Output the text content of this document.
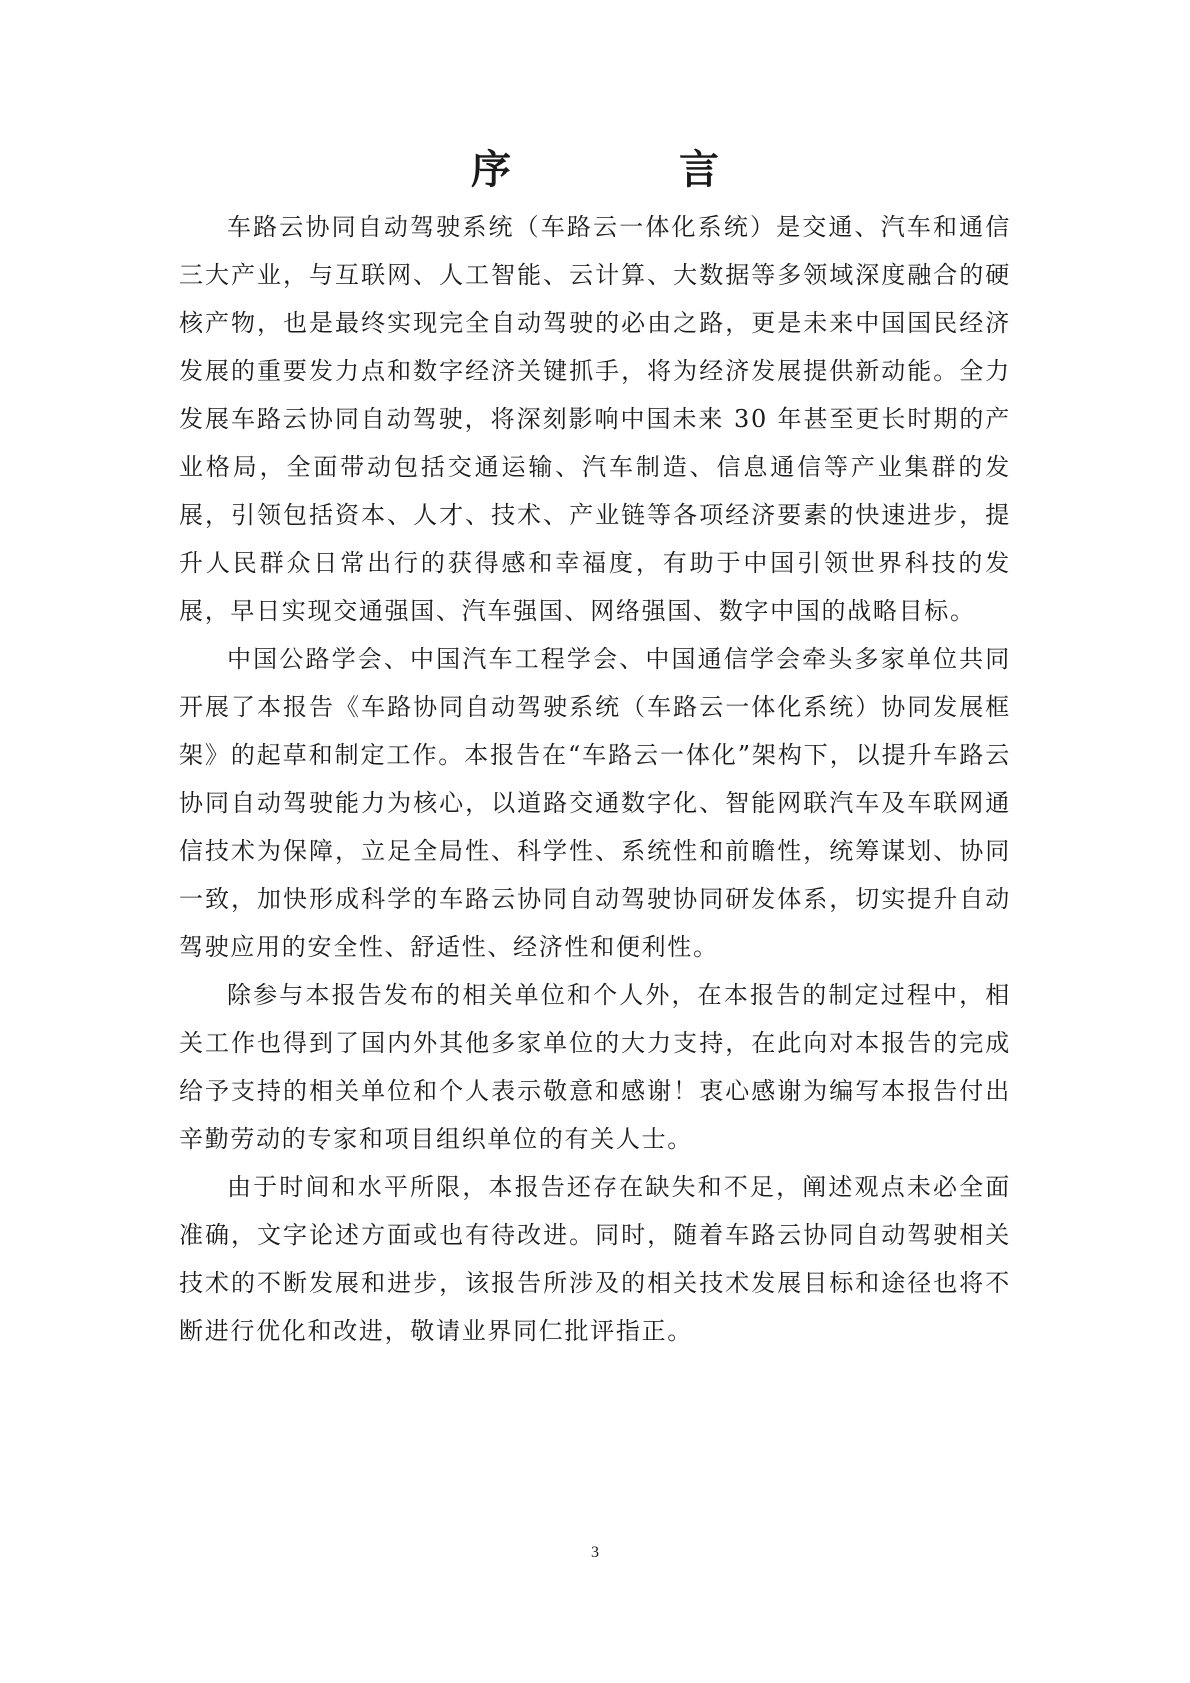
序　言

车路云协同自动驾驶系统（车路云一体化系统）是交通、汽车和通信三大产业，与互联网、人工智能、云计算、大数据等多领域深度融合的硬核产物，也是最终实现完全自动驾驶的必由之路，更是未来中国国民经济发展的重要发力点和数字经济关键抓手，将为经济发展提供新动能。全力发展车路云协同自动驾驶，将深刻影响中国未来 30 年甚至更长时期的产业格局，全面带动包括交通运输、汽车制造、信息通信等产业集群的发展，引领包括资本、人才、技术、产业链等各项经济要素的快速进步，提升人民群众日常出行的获得感和幸福度，有助于中国引领世界科技的发展，早日实现交通强国、汽车强国、网络强国、数字中国的战略目标。

中国公路学会、中国汽车工程学会、中国通信学会牵头多家单位共同开展了本报告《车路协同自动驾驶系统（车路云一体化系统）协同发展框架》的起草和制定工作。本报告在“车路云一体化”架构下，以提升车路云协同自动驾驶能力为核心，以道路交通数字化、智能网联汽车及车联网通信技术为保障，立足全局性、科学性、系统性和前瞻性，统筹谋划、协同一致，加快形成科学的车路云协同自动驾驶协同研发体系，切实提升自动驾驶应用的安全性、舒适性、经济性和便利性。

除参与本报告发布的相关单位和个人外，在本报告的制定过程中，相关工作也得到了国内外其他多家单位的大力支持，在此向对本报告的完成给予支持的相关单位和个人表示敬意和感谢！衷心感谢为编写本报告付出辛勤劳动的专家和项目组织单位的有关人士。

由于时间和水平所限，本报告还存在缺失和不足，阐述观点未必全面准确，文字论述方面或也有待改进。同时，随着车路云协同自动驾驶相关技术的不断发展和进步，该报告所涉及的相关技术发展目标和途径也将不断进行优化和改进，敬请业界同仁批评指正。

3
